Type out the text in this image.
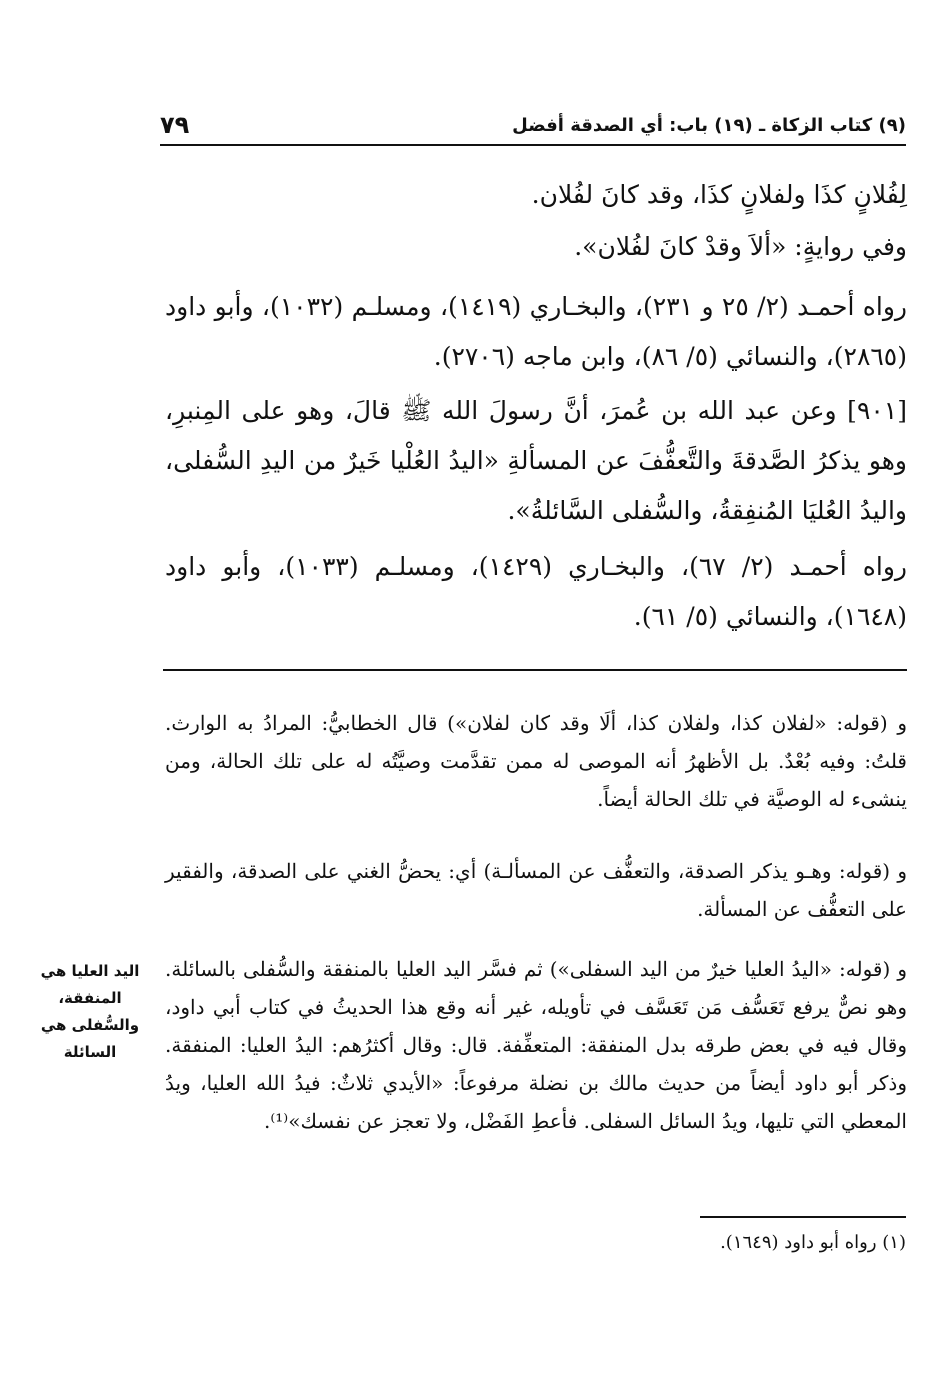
(٩) كتاب الزكاة ـ (١٩) باب: أي الصدقة أفضل
٧٩

لِفُلانٍ كذَا ولفلانٍ كذَا، وقد كانَ لفُلان.

وفي روايةٍ: «ألاَ وقدْ كانَ لفُلان».

رواه أحمـد (٢/ ٢٥ و ٢٣١)، والبخـاري (١٤١٩)، ومسلـم (١٠٣٢)، وأبو داود (٢٨٦٥)، والنسائي (٥/ ٨٦)، وابن ماجه (٢٧٠٦).

[٩٠١] وعن عبد الله بن عُمرَ، أنَّ رسولَ الله ﷺ قالَ، وهو على المِنبرِ، وهو يذكرُ الصَّدقةَ والتَّعفُّفَ عن المسألةِ «اليدُ العُلْيا خَيرٌ من اليدِ السُّفلى، واليدُ العُليَا المُنفِقةُ، والسُّفلى السَّائلةُ».

رواه أحمـد (٢/ ٦٧)، والبخـاري (١٤٢٩)، ومسلـم (١٠٣٣)، وأبو داود (١٦٤٨)، والنسائي (٥/ ٦١).

و (قوله: «لفلان كذا، ولفلان كذا، ألَا وقد كان لفلان») قال الخطابيُّ: المرادُ به الوارث. قلتُ: وفيه بُعْدٌ. بل الأظهرُ أنه الموصى له ممن تقدَّمت وصيَّتُه له على تلك الحالة، ومن ينشىء له الوصيَّة في تلك الحالة أيضاً.

و (قوله: وهـو يذكر الصدقة، والتعفُّف عن المسألـة) أي: يحضُّ الغني على الصدقة، والفقير على التعفُّف عن المسألة.

و (قوله: «اليدُ العليا خيرٌ من اليد السفلى») ثم فسَّر اليد العليا بالمنفقة والسُّفلى بالسائلة. وهو نصٌّ يرفع تَعَسُّف مَن تَعَسَّف في تأويله، غير أنه وقع هذا الحديثُ في كتاب أبي داود، وقال فيه في بعض طرقه بدل المنفقة: المتعفِّفة. قال: وقال أكثرُهم: اليدُ العليا: المنفقة. وذكر أبو داود أيضاً من حديث مالك بن نضلة مرفوعاً: «الأيدي ثلاثٌ: فيدُ الله العليا، ويدُ المعطي التي تليها، ويدُ السائل السفلى. فأعطِ الفَضْل، ولا تعجز عن نفسك»⁽¹⁾.

اليد العليا هي المنفقة، والسُّفلى هي السائلة

(١) رواه أبو داود (١٦٤٩).
